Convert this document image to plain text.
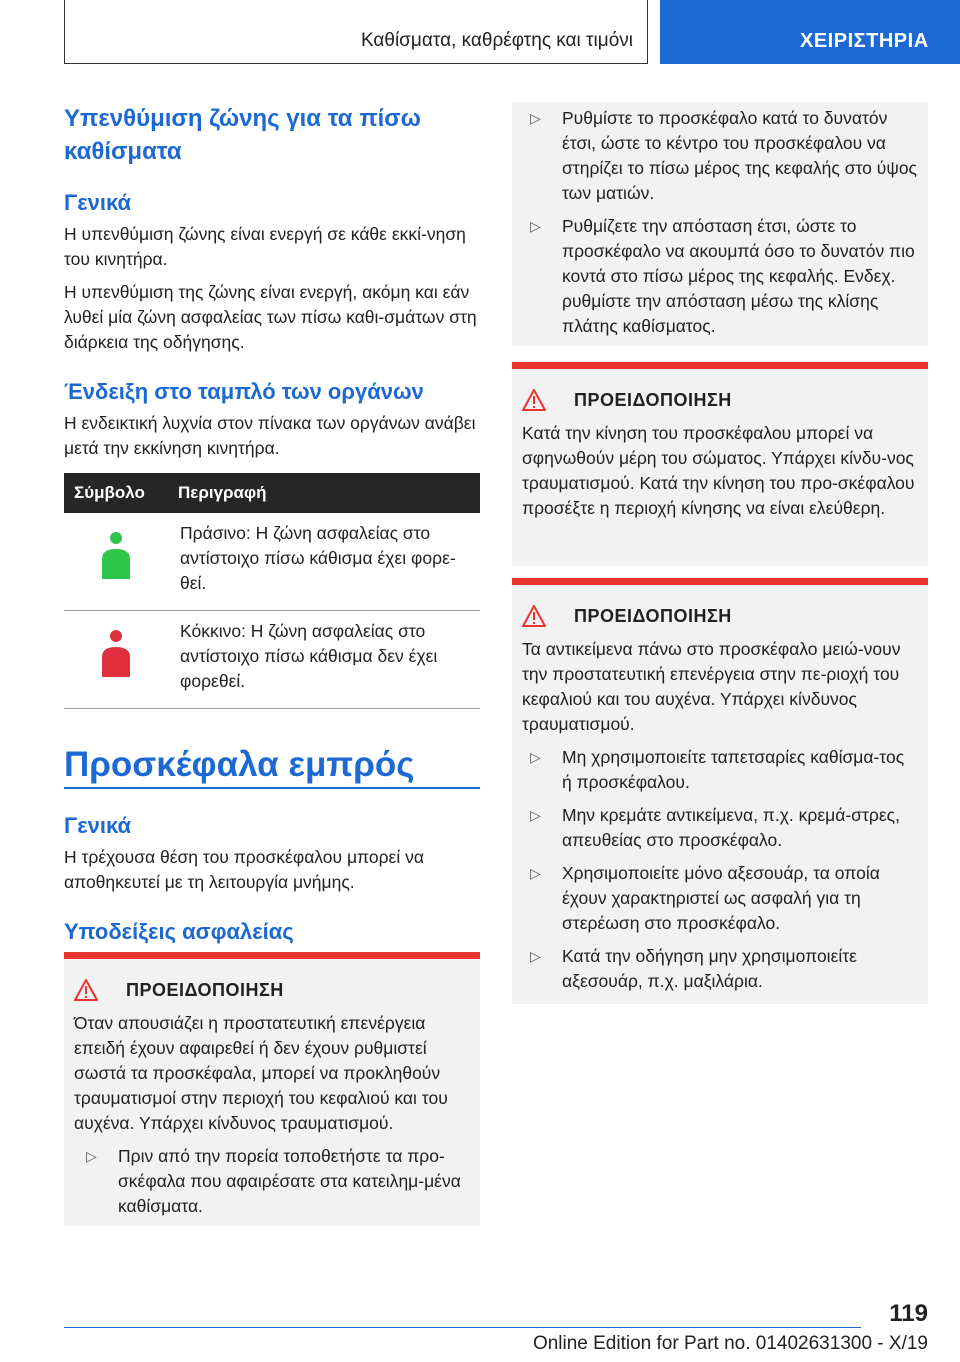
Καθίσματα, καθρέφτης και τιμόνι	ΧΕΙΡΙΣΤΗΡΙΑ
Υπενθύμιση ζώνης για τα πίσω καθίσματα
Γενικά

Η υπενθύμιση ζώνης είναι ενεργή σε κάθε εκκί-νηση του κινητήρα.

Η υπενθύμιση της ζώνης είναι ενεργή, ακόμη και εάν λυθεί μία ζώνη ασφαλείας των πίσω καθι-σμάτων στη διάρκεια της οδήγησης.

Ένδειξη στο ταμπλό των οργάνων

Η ενδεικτική λυχνία στον πίνακα των οργάνων ανάβει μετά την εκκίνηση κινητήρα.

Σύμβολο	Περιγραφή
	Πράσινο: Η ζώνη ασφαλείας στο αντίστοιχο πίσω κάθισμα έχει φορε-θεί.
	Κόκκινο: Η ζώνη ασφαλείας στο αντίστοιχο πίσω κάθισμα δεν έχει φορεθεί.
Προσκέφαλα εμπρός
Γενικά

Η τρέχουσα θέση του προσκέφαλου μπορεί να αποθηκευτεί με τη λειτουργία μνήμης.

Υποδείξεις ασφαλείας
ΠΡΟΕΙΔΟΠΟΙΗΣΗ

Όταν απουσιάζει η προστατευτική επενέργεια επειδή έχουν αφαιρεθεί ή δεν έχουν ρυθμιστεί σωστά τα προσκέφαλα, μπορεί να προκληθούν τραυματισμοί στην περιοχή του κεφαλιού και του αυχένα. Υπάρχει κίνδυνος τραυματισμού.

▷	Πριν από την πορεία τοποθετήστε τα προ-σκέφαλα που αφαιρέσατε στα κατειλημ-μένα καθίσματα.
▷	Ρυθμίστε το προσκέφαλο κατά το δυνατόν έτσι, ώστε το κέντρο του προσκέφαλου να στηρίζει το πίσω μέρος της κεφαλής στο ύψος των ματιών.
▷	Ρυθμίζετε την απόσταση έτσι, ώστε το προσκέφαλο να ακουμπά όσο το δυνατόν πιο κοντά στο πίσω μέρος της κεφαλής. Ενδεχ. ρυθμίστε την απόσταση μέσω της κλίσης πλάτης καθίσματος.
ΠΡΟΕΙΔΟΠΟΙΗΣΗ

Κατά την κίνηση του προσκέφαλου μπορεί να σφηνωθούν μέρη του σώματος. Υπάρχει κίνδυ-νος τραυματισμού. Κατά την κίνηση του προ-σκέφαλου προσέξτε η περιοχή κίνησης να είναι ελεύθερη.

ΠΡΟΕΙΔΟΠΟΙΗΣΗ

Τα αντικείμενα πάνω στο προσκέφαλο μειώ-νουν την προστατευτική επενέργεια στην πε-ριοχή του κεφαλιού και του αυχένα. Υπάρχει κίνδυνος τραυματισμού.

▷	Μη χρησιμοποιείτε ταπετσαρίες καθίσμα-τος ή προσκέφαλου.
▷	Μην κρεμάτε αντικείμενα, π.χ. κρεμά-στρες, απευθείας στο προσκέφαλο.
▷	Χρησιμοποιείτε μόνο αξεσουάρ, τα οποία έχουν χαρακτηριστεί ως ασφαλή για τη στερέωση στο προσκέφαλο.
▷	Κατά την οδήγηση μην χρησιμοποιείτε αξεσουάρ, π.χ. μαξιλάρια.
119
Online Edition for Part no. 01402631300 - X/19
